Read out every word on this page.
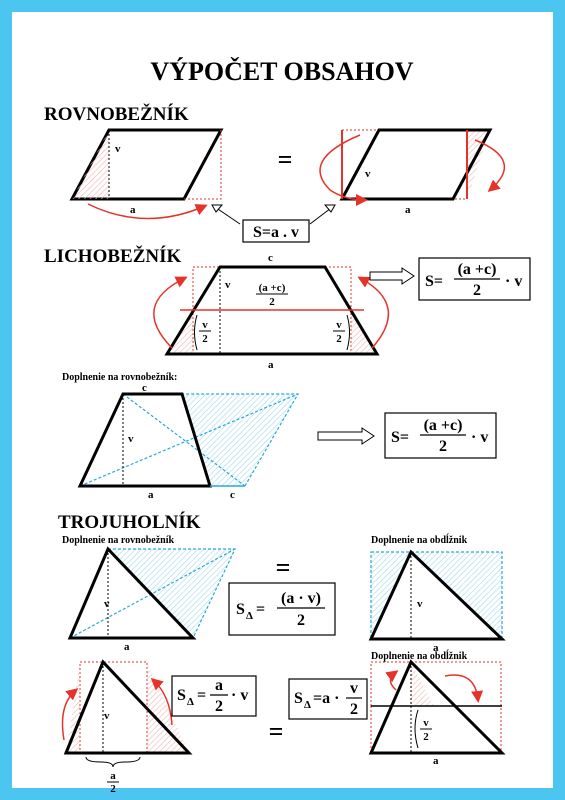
VÝPOČET OBSAHOV
ROVNOBEŽNÍK
v
a
=	v
a
S=a . v
LICHOBEŽNÍK	c
v
a
(a +c)
2
v
2
v
2
S=
(a +c)
2
· v
Doplnenie na rovnobežník:
c
v
a	c
S=
(a +c)
2
· v
TROJUHOLNÍK
Doplnenie na rovnobežník	Doplnenie na obdĺžnik
v
a
=
S Δ =
(a · v)
2
v
a
v
a
2
S Δ =
a
2
· v
=
S Δ =a ·
v
2
Doplnenie na obdĺžnik
v
2
a
